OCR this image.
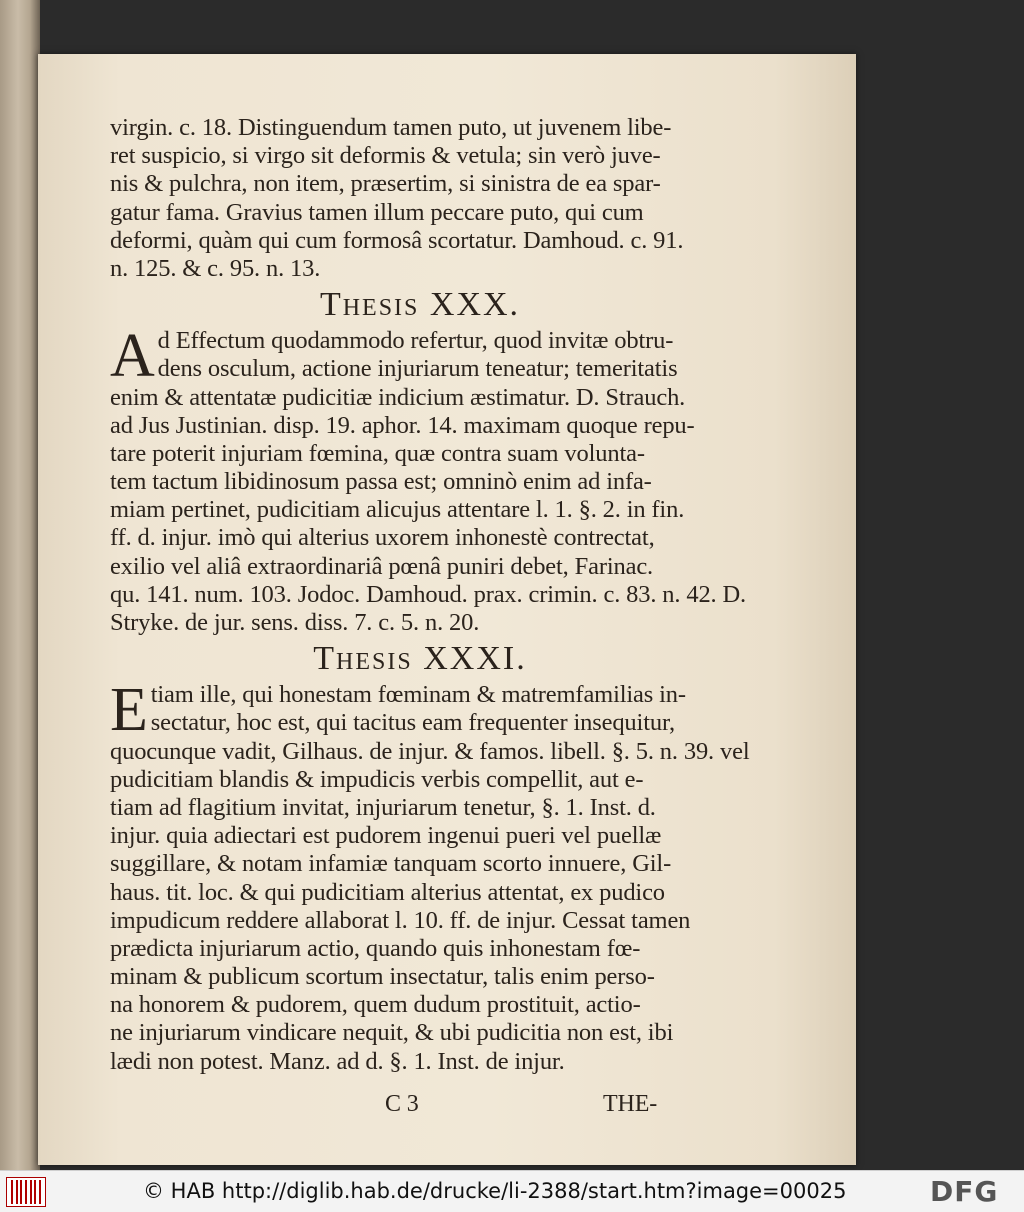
virgin. c. 18. Distinguendum tamen puto, ut juvenem libe-
ret suspicio, si virgo sit deformis & vetula; sin verò juve-
nis & pulchra, non item, præsertim, si sinistra de ea spar-
gatur fama. Gravius tamen illum peccare puto, qui cum
deformi, quàm qui cum formosâ scortatur. Damhoud. c. 91.
n. 125. & c. 95. n. 13.
Thesis XXX.
A d Effectum quodammodo refertur, quod invitæ obtru-
dens osculum, actione injuriarum teneatur; temeritatis
enim & attentatæ pudicitiæ indicium æstimatur. D. Strauch.
ad Jus Justinian. disp. 19. aphor. 14. maximam quoque repu-
tare poterit injuriam fœmina, quæ contra suam volunta-
tem tactum libidinosum passa est; omninò enim ad infa-
miam pertinet, pudicitiam alicujus attentare l. 1. §. 2. in fin.
ff. d. injur. imò qui alterius uxorem inhonestè contrectat,
exilio vel aliâ extraordinariâ pœnâ puniri debet, Farinac.
qu. 141. num. 103. Jodoc. Damhoud. prax. crimin. c. 83. n. 42. D.
Stryke. de jur. sens. diss. 7. c. 5. n. 20.
Thesis XXXI.
E tiam ille, qui honestam fœminam & matremfamilias in-
sectatur, hoc est, qui tacitus eam frequenter insequitur,
quocunque vadit, Gilhaus. de injur. & famos. libell. §. 5. n. 39. vel
pudicitiam blandis & impudicis verbis compellit, aut e-
tiam ad flagitium invitat, injuriarum tenetur, §. 1. Inst. d.
injur. quia adiectari est pudorem ingenui pueri vel puellæ
suggillare, & notam infamiæ tanquam scorto innuere, Gil-
haus. tit. loc. & qui pudicitiam alterius attentat, ex pudico
impudicum reddere allaborat l. 10. ff. de injur. Cessat tamen
prædicta injuriarum actio, quando quis inhonestam fœ-
minam & publicum scortum insectatur, talis enim perso-
na honorem & pudorem, quem dudum prostituit, actio-
ne injuriarum vindicare nequit, & ubi pudicitia non est, ibi
lædi non potest. Manz. ad d. §. 1. Inst. de injur.
C 3	THE-
© HAB http://diglib.hab.de/drucke/li-2388/start.htm?image=00025	DFG
